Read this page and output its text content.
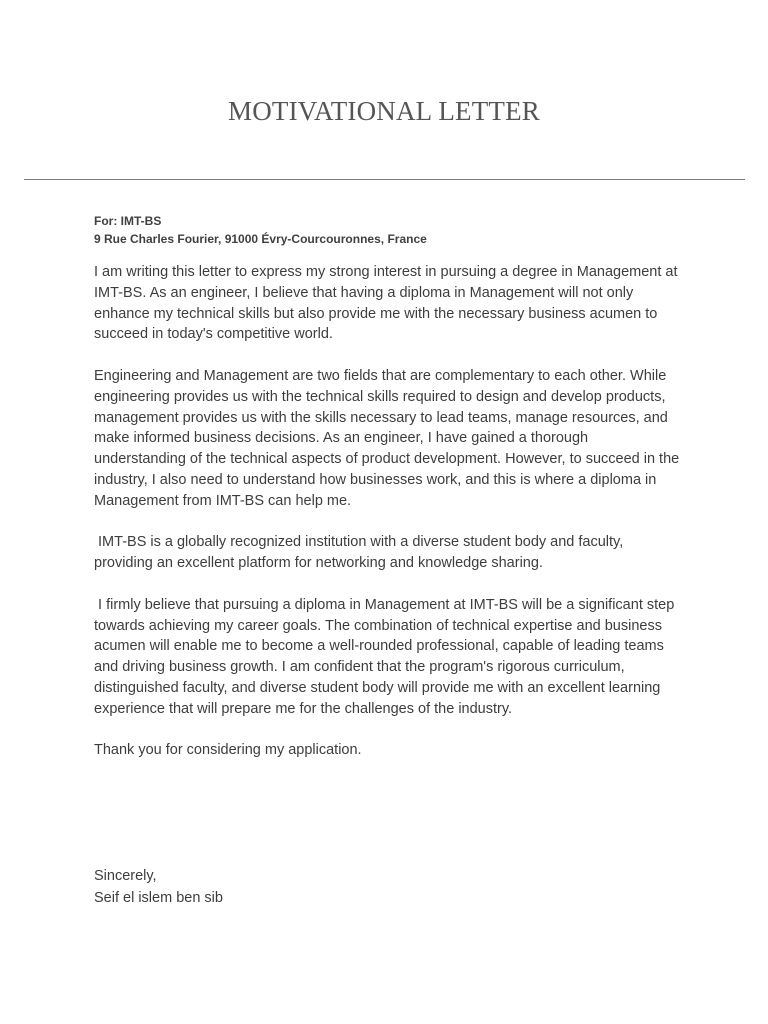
MOTIVATIONAL LETTER
For: IMT-BS
9 Rue Charles Fourier, 91000 Évry-Courcouronnes, France

I am writing this letter to express my strong interest in pursuing a degree in Management at IMT-BS. As an engineer, I believe that having a diploma in Management will not only enhance my technical skills but also provide me with the necessary business acumen to succeed in today's competitive world.

Engineering and Management are two fields that are complementary to each other. While engineering provides us with the technical skills required to design and develop products, management provides us with the skills necessary to lead teams, manage resources, and make informed business decisions. As an engineer, I have gained a thorough understanding of the technical aspects of product development. However, to succeed in the industry, I also need to understand how businesses work, and this is where a diploma in Management from IMT-BS can help me.

IMT-BS is a globally recognized institution with a diverse student body and faculty, providing an excellent platform for networking and knowledge sharing.

I firmly believe that pursuing a diploma in Management at IMT-BS will be a significant step towards achieving my career goals. The combination of technical expertise and business acumen will enable me to become a well-rounded professional, capable of leading teams and driving business growth. I am confident that the program's rigorous curriculum, distinguished faculty, and diverse student body will provide me with an excellent learning experience that will prepare me for the challenges of the industry.

Thank you for considering my application.

Sincerely,
Seif el islem ben sib
